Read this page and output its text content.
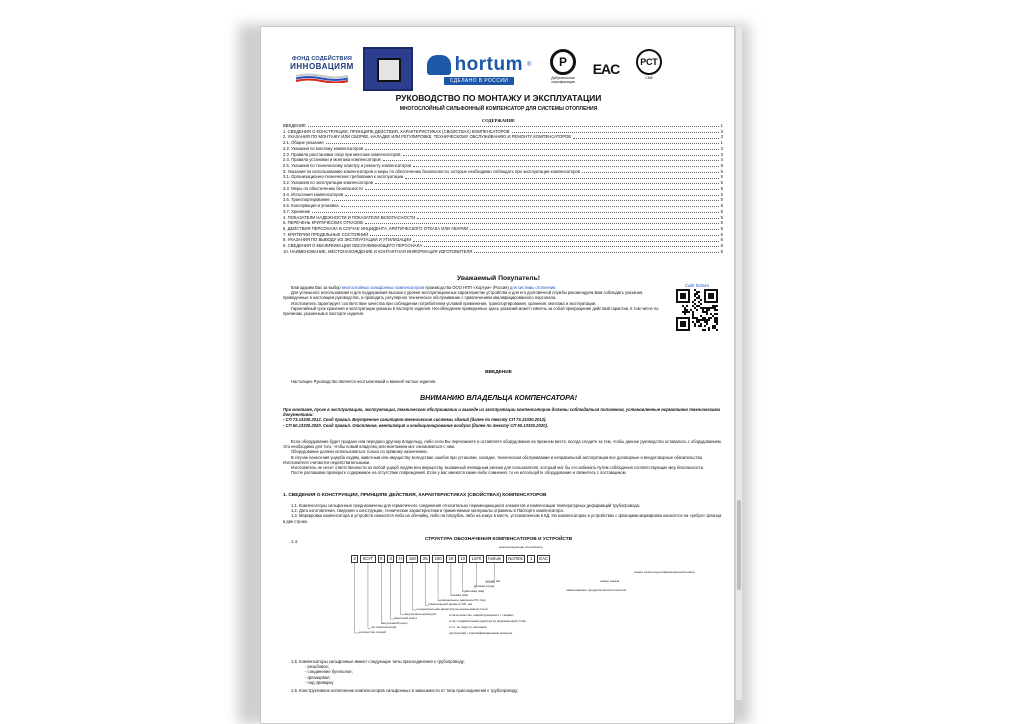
ФОНД СОДЕЙСТВИЯ
ИННОВАЦИЯМ	hortum ®
СДЕЛАНО В РОССИИ
Р
Добровольная сертификация
EAC	РСТ
СМК
РУКОВОДСТВО ПО МОНТАЖУ И ЭКСПЛУАТАЦИИ
МНОГОСЛОЙНЫЙ СИЛЬФОННЫЙ КОМПЕНСАТОР ДЛЯ СИСТЕМЫ ОТОПЛЕНИЯ
СОДЕРЖАНИЕ
ВВЕДЕНИЕ	1
1. СВЕДЕНИЯ О КОНСТРУКЦИИ, ПРИНЦИПЕ ДЕЙСТВИЯ, ХАРАКТЕРИСТИКАХ (СВОЙСТВАХ) КОМПЕНСАТОРОВ	3
2. УКАЗАНИЯ ПО МОНТАЖУ ИЛИ СБОРКЕ, НАЛАДКЕ ИЛИ РЕГУЛИРОВКЕ, ТЕХНИЧЕСКОМУ ОБСЛУЖИВАНИЮ И РЕМОНТУ КОМПЕНСАТОРОВ	3
2.1. Общие указания	1
2.2. Указания по монтажу компенсаторов	3
2.3. Правила расстановки опор при монтаже компенсаторов	3
2.4. Правила установки и монтажа компенсаторов	4
2.5. Указания по техническому осмотру и ремонту компенсаторов	5
3. Указания по использованию компенсаторов и меры по обеспечению безопасности, которые необходимо соблюдать при эксплуатации компенсаторов	5
3.1. Организационно-технические требования к эксплуатации	5
3.2. Указания по эксплуатации компенсаторов	5
3.3. Меры по обеспечению безопасности	5
3.4. Испытания компенсаторов	5
3.5. Транспортирование	5
3.6. Консервация и упаковка	5
3.7. Хранение	5
4. ПОКАЗАТЕЛИ НАДЕЖНОСТИ И ПОКАЗАТЕЛИ БЕЗОПАСНОСТИ	5
5. ПЕРЕЧЕНЬ КРИТИЧЕСКИХ ОТКАЗОВ	5
6. ДЕЙСТВИЯ ПЕРСОНАЛА В СЛУЧАЕ ИНЦИДЕНТА, КРИТИЧЕСКОГО ОТКАЗА ИЛИ АВАРИИ	6
7. КРИТЕРИИ ПРЕДЕЛЬНЫХ СОСТОЯНИЙ	6
8. УКАЗАНИЯ ПО ВЫВОДУ ИЗ ЭКСПЛУАТАЦИИ И УТИЛИЗАЦИИ	6
9. СВЕДЕНИЯ О КВАЛИФИКАЦИИ ОБСЛУЖИВАЮЩЕГО ПЕРСОНАЛА	6
10. НАИМЕНОВАНИЕ, МЕСТОНАХОЖДЕНИЕ И КОНТАКТНАЯ ИНФОРМАЦИЯ ИЗГОТОВИТЕЛЯ	6
Уважаемый Покупатель!

Благодарим Вас за выбор многослойных сильфонных компенсаторов производства ООО НПП «Хортум» (Россия) для системы отопления.

Для успешного использования и для поддержания высокого уровня эксплуатационных характеристик устройства и для его долговечной службы рекомендуем Вам соблюдать указания, приведенные в настоящем руководстве, и проводить регулярное техническое обслуживание с привлечением квалифицированного персонала.

Изготовитель гарантирует соответствие качества при соблюдении потребителем условий применения, транспортирования, хранения, монтажа и эксплуатации.

Гарантийный срок хранения и эксплуатации указаны в паспорте изделия. Несоблюдение приведенных здесь указаний может повлечь за собой прекращение действий гарантии, в том числе по причинам, указанным в паспорте изделия.

Сайт hortum
ВВЕДЕНИЕ
Настоящее Руководство является неотъемлемой и важной частью изделия.
ВНИМАНИЮ ВЛАДЕЛЬЦА КОМПЕНСАТОРА!

При монтаже, пуске в эксплуатацию, эксплуатации, техническом обслуживании и выводе из эксплуатации компенсаторов должны соблюдаться положения, установленные нормативно техническими документами:

- СП 73.13330.2012. Свод правил. Внутренние санитарно-технические системы зданий (далее по тексту СП 73.13330.2012).

- СП 60.13330.2020. Свод правил. Отопление, вентиляция и кондиционирование воздуха (далее по тексту СП 60.13330.2020).

Если оборудование будет продано или передано другому владельцу, либо если Вы переезжаете и оставляете оборудование на прежнем месте, всегда следите за тем, чтобы данное руководство оставалось с оборудованием. Это необходимо для того, чтобы новый владелец или монтажник мог ознакомиться с ним.

Оборудование должно использоваться только по прямому назначению.

В случае нанесения ущерба людям, животным или имуществу вследствие ошибок при установке, наладке, техническом обслуживании и неправильной эксплуатации все договорные и внедоговорные обязательства Изготовителя считаются недействительными.

Изготовитель не несет ответственности за любой ущерб людям или имуществу, вызванный очевидным риском для пользователя, который мог бы его избежать путем соблюдения соответствующих мер безопасности.

После распаковки проверьте содержимое на отсутствие повреждений. Если у вас имеются какие-либо сомнения, то не используйте оборудование и свяжитесь с поставщиком

1. СВЕДЕНИЯ О КОНСТРУКЦИИ, ПРИНЦИПЕ ДЕЙСТВИЯ, ХАРАКТЕРИСТИКАХ (СВОЙСТВАХ) КОМПЕНСАТОРОВ

1.1. Компенсаторы сильфонные предназначены для герметичного соединения относительно перемещающихся элементов и компенсации температурных деформаций трубопровода.

1.2. Дата изготовления, сведения о конструкции, технические характеристики и применяемые материалы отражены в Паспорте компенсатора.

1.3. Маркировка компенсатора и устройств наносится либо на обечайку, либо на патрубок, либо на кожух в месте, установленном в КД. На компенсаторах и устройствах с фланцами маркировка наносится на «ребро» фланца в две строки.

1.4.	СТРУКТУРА ОБОЗНАЧЕНИЯ КОМПЕНСАТОРОВ И УСТРОЙСТВ
2	КСУГ	К	3	Н	150	25	100	10	10	L970	hortum	No7001	1	EAC
количество секций
тип компенсатора
внутренний кожух
защитный кожух
внутренняя арматура
соединительная арматура на неразъемной стали
номинальный диаметр DN, мм
номинальное давление PN, бар
осевая (мм)
сдвиговая (мм)
угловая (град)
длина, мм
компенсирующая способность
наименование предприятия-изготовителя
номер заказа
номер записи идентификационный номер
если количество секций превышает 1 секцию;
если соединительная арматура из нержавеющей стали;
в т.ч. по запросу заказчика;
для изделий с идентификационным номером.

1.5. Компенсаторы сильфонные имеют следующие типы присоединения к трубопроводу:

- резьбовое;

- соединение бугельное;

- фланцевое;

- под приварку

1.6. Конструктивное исполнение компенсаторов сильфонных в зависимости от типа присоединения к трубопроводу:
